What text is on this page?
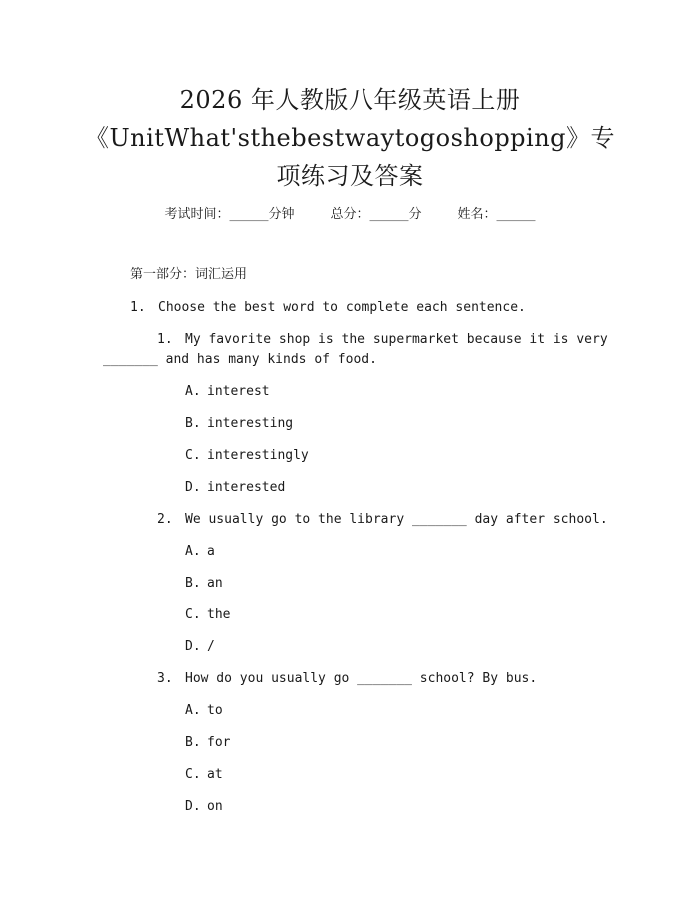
2026 年人教版八年级英语上册
《UnitWhat'sthebestwaytogoshopping》专
项练习及答案
考试时间：______分钟	总分：______分	姓名：______
第一部分：词汇运用
1. Choose the best word to complete each sentence.
1. My favorite shop is the supermarket because it is very
_______ and has many kinds of food.
A. interest
B. interesting
C. interestingly
D. interested
2. We usually go to the library _______ day after school.
A. a
B. an
C. the
D. /
3. How do you usually go _______ school? By bus.
A. to
B. for
C. at
D. on
